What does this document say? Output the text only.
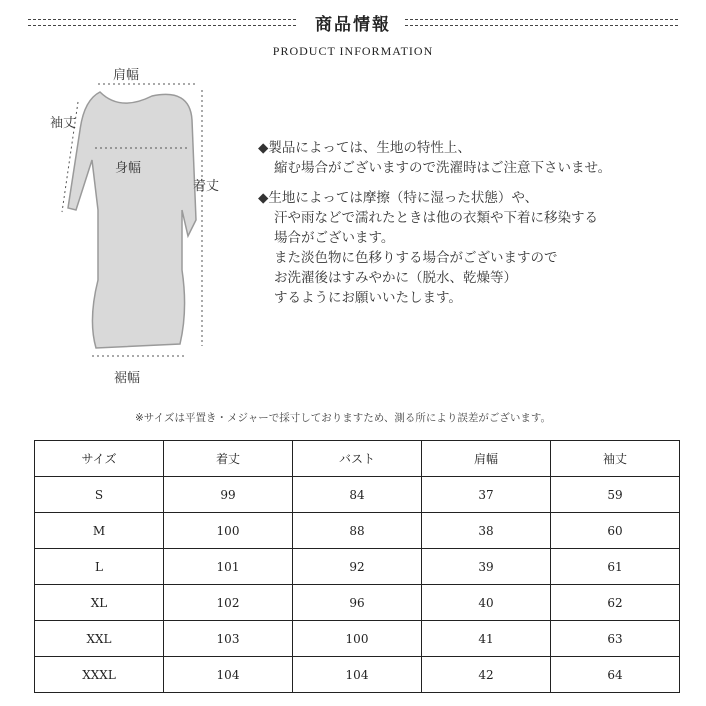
商品情報
PRODUCT INFORMATION
肩幅
袖丈
身幅
着丈
裾幅

◆製品によっては、生地の特性上、

縮む場合がございますので洗濯時はご注意下さいませ。

◆生地によっては摩擦（特に湿った状態）や、

汗や雨などで濡れたときは他の衣類や下着に移染する

場合がございます。

また淡色物に色移りする場合がございますので

お洗濯後はすみやかに（脱水、乾燥等）

するようにお願いいたします。

※サイズは平置き・メジャーで採寸しておりますため、測る所により誤差がございます。
サイズ	着丈	バスト	肩幅	袖丈
S	99	84	37	59
M	100	88	38	60
L	101	92	39	61
XL	102	96	40	62
XXL	103	100	41	63
XXXL	104	104	42	64
